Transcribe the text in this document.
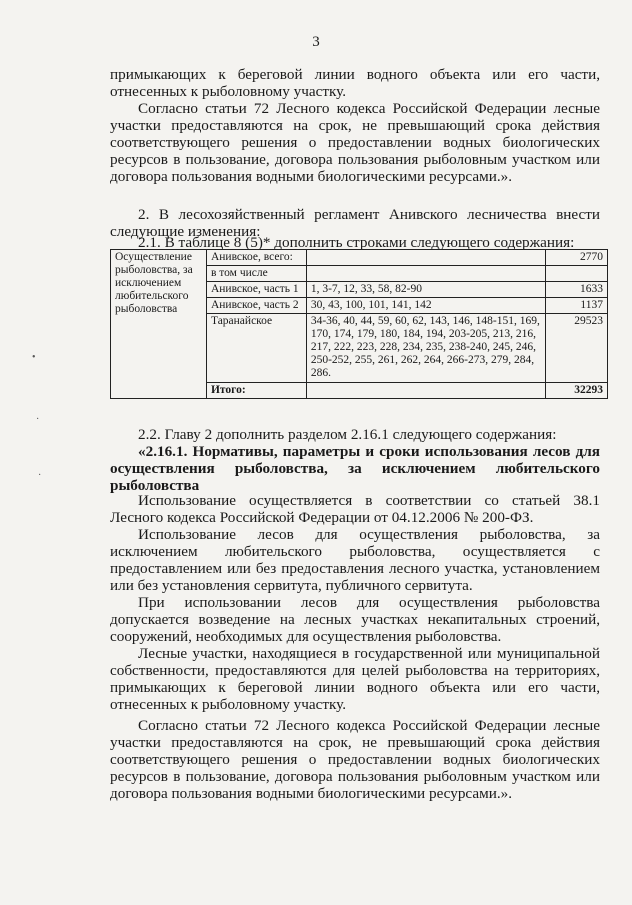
3

примыкающих к береговой линии водного объекта или его части, отнесенных к рыболовному участку.

Согласно статьи 72 Лесного кодекса Российской Федерации лесные участки предоставляются на срок, не превышающий срока действия соответствующего решения о предоставлении водных биологических ресурсов в пользование, договора пользования рыболовным участком или договора пользования водными биологическими ресурсами.».

2. В лесохозяйственный регламент Анивского лесничества внести следующие изменения:

2.1. В таблице 8 (5)* дополнить строками следующего содержания:

Осуществление рыболовства, за исключением любительского рыболовства	Анивское, всего:		2770
	в том числе		
	Анивское, часть 1	1, 3-7, 12, 33, 58, 82-90	1633
	Анивское, часть 2	30, 43, 100, 101, 141, 142	1137
	Таранайское	34-36, 40, 44, 59, 60, 62, 143, 146, 148-151, 169, 170, 174, 179, 180, 184, 194, 203-205, 213, 216, 217, 222, 223, 228, 234, 235, 238-240, 245, 246, 250-252, 255, 261, 262, 264, 266-273, 279, 284, 286.	29523
	Итого:		32293

2.2. Главу 2 дополнить разделом 2.16.1 следующего содержания:

«2.16.1. Нормативы, параметры и сроки использования лесов для осуществления рыболовства, за исключением любительского рыболовства

Использование осуществляется в соответствии со статьей 38.1 Лесного кодекса Российской Федерации от 04.12.2006 № 200-ФЗ.

Использование лесов для осуществления рыболовства, за исключением любительского рыболовства, осуществляется с предоставлением или без предоставления лесного участка, установлением или без установления сервитута, публичного сервитута.

При использовании лесов для осуществления рыболовства допускается возведение на лесных участках некапитальных строений, сооружений, необходимых для осуществления рыболовства.

Лесные участки, находящиеся в государственной или муниципальной собственности, предоставляются для целей рыболовства на территориях, примыкающих к береговой линии водного объекта или его части, отнесенных к рыболовному участку.

Согласно статьи 72 Лесного кодекса Российской Федерации лесные участки предоставляются на срок, не превышающий срока действия соответствующего решения о предоставлении водных биологических ресурсов в пользование, договора пользования рыболовным участком или договора пользования водными биологическими ресурсами.».

•
·
·
